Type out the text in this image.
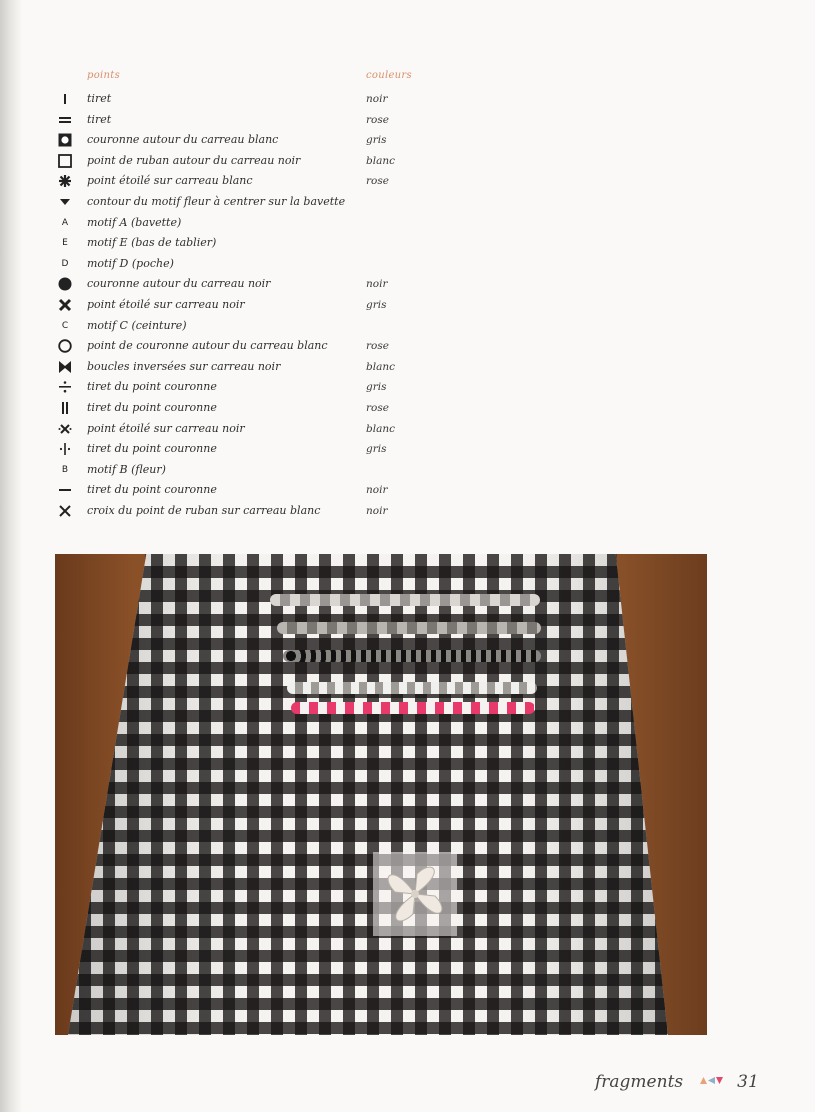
points	couleurs
tiret	noir
tiret	rose
couronne autour du carreau blanc	gris
point de ruban autour du carreau noir	blanc
point étoilé sur carreau blanc	rose
contour du motif fleur à centrer sur la bavette
A motif A (bavette)
E motif E (bas de tablier)
D motif D (poche)
couronne autour du carreau noir	noir
point étoilé sur carreau noir	gris
C motif C (ceinture)
point de couronne autour du carreau blanc	rose
boucles inversées sur carreau noir	blanc
tiret du point couronne	gris
tiret du point couronne	rose
point étoilé sur carreau noir	blanc
tiret du point couronne	gris
B motif B (fleur)
tiret du point couronne	noir
croix du point de ruban sur carreau blanc	noir
fragments	31
